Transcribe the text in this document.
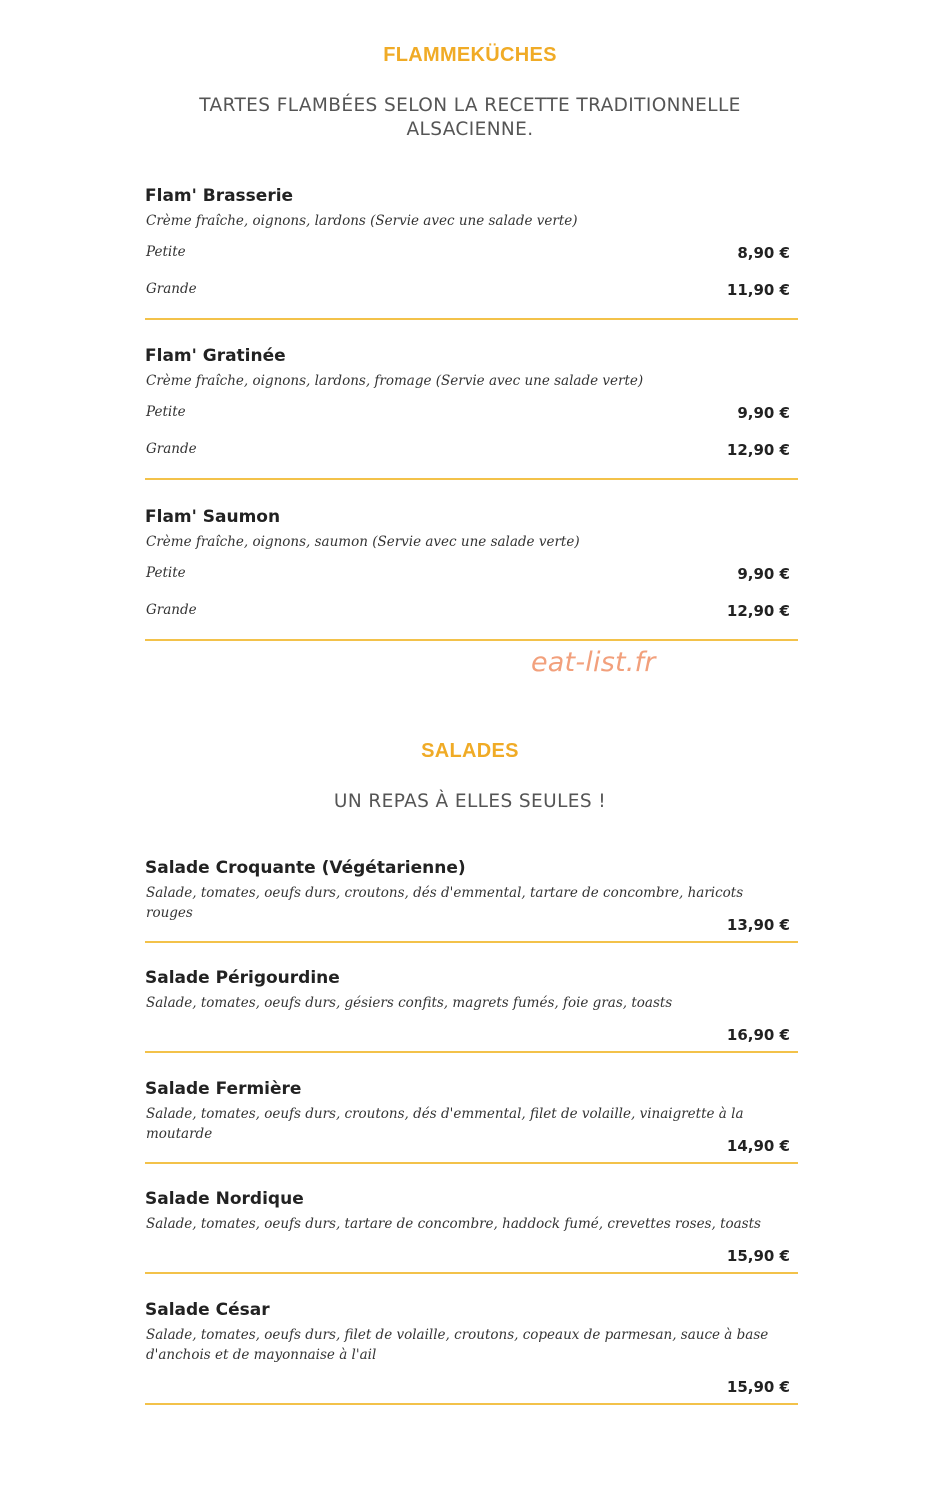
FLAMMEKÜCHES
TARTES FLAMBÉES SELON LA RECETTE TRADITIONNELLE ALSACIENNE.
Flam' Brasserie
Crème fraîche, oignons, lardons (Servie avec une salade verte)
Petite	8,90 €
Grande	11,90 €
Flam' Gratinée
Crème fraîche, oignons, lardons, fromage (Servie avec une salade verte)
Petite	9,90 €
Grande	12,90 €
Flam' Saumon
Crème fraîche, oignons, saumon (Servie avec une salade verte)
Petite	9,90 €
Grande	12,90 €
eat-list.fr
SALADES
UN REPAS À ELLES SEULES !
Salade Croquante (Végétarienne)
Salade, tomates, oeufs durs, croutons, dés d'emmental, tartare de concombre, haricots rouges
13,90 €
Salade Périgourdine
Salade, tomates, oeufs durs, gésiers confits, magrets fumés, foie gras, toasts
16,90 €
Salade Fermière
Salade, tomates, oeufs durs, croutons, dés d'emmental, filet de volaille, vinaigrette à la moutarde
14,90 €
Salade Nordique
Salade, tomates, oeufs durs, tartare de concombre, haddock fumé, crevettes roses, toasts
15,90 €
Salade César
Salade, tomates, oeufs durs, filet de volaille, croutons, copeaux de parmesan, sauce à base d'anchois et de mayonnaise à l'ail
15,90 €
